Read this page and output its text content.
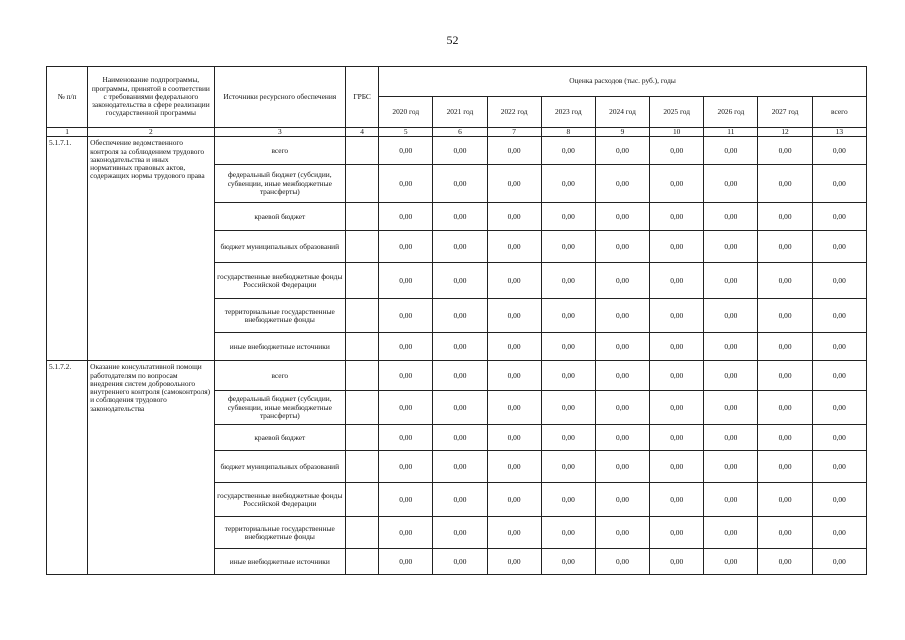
52
№ п/п	Наименование подпрограммы, программы, принятой в соответствии с требованиями федерального законодательства в сфере реализации государственной программы	Источники ресурсного обеспечения	ГРБС	Оценка расходов (тыс. руб.), годы								
				2020 год	2021 год	2022 год	2023 год	2024 год	2025 год	2026 год	2027 год	всего
1	2	3	4	5	6	7	8	9	10	11	12	13
5.1.7.1.	Обеспечение ведомственного контроля за соблюдением трудового законодательства и иных нормативных правовых актов, содержащих нормы трудового права	всего		0,00	0,00	0,00	0,00	0,00	0,00	0,00	0,00	0,00
		федеральный бюджет (субсидии, субвенции, иные межбюджетные трансферты)		0,00	0,00	0,00	0,00	0,00	0,00	0,00	0,00	0,00
		краевой бюджет		0,00	0,00	0,00	0,00	0,00	0,00	0,00	0,00	0,00
		бюджет муниципальных образований		0,00	0,00	0,00	0,00	0,00	0,00	0,00	0,00	0,00
		государственные внебюджетные фонды Российской Федерации		0,00	0,00	0,00	0,00	0,00	0,00	0,00	0,00	0,00
		территориальные государственные внебюджетные фонды		0,00	0,00	0,00	0,00	0,00	0,00	0,00	0,00	0,00
		иные внебюджетные источники		0,00	0,00	0,00	0,00	0,00	0,00	0,00	0,00	0,00
5.1.7.2.	Оказание консультативной помощи работодателям по вопросам внедрения систем добровольного внутреннего контроля (самоконтроля) и соблюдения трудового законодательства	всего		0,00	0,00	0,00	0,00	0,00	0,00	0,00	0,00	0,00
		федеральный бюджет (субсидии, субвенции, иные межбюджетные трансферты)		0,00	0,00	0,00	0,00	0,00	0,00	0,00	0,00	0,00
		краевой бюджет		0,00	0,00	0,00	0,00	0,00	0,00	0,00	0,00	0,00
		бюджет муниципальных образований		0,00	0,00	0,00	0,00	0,00	0,00	0,00	0,00	0,00
		государственные внебюджетные фонды Российской Федерации		0,00	0,00	0,00	0,00	0,00	0,00	0,00	0,00	0,00
		территориальные государственные внебюджетные фонды		0,00	0,00	0,00	0,00	0,00	0,00	0,00	0,00	0,00
		иные внебюджетные источники		0,00	0,00	0,00	0,00	0,00	0,00	0,00	0,00	0,00
